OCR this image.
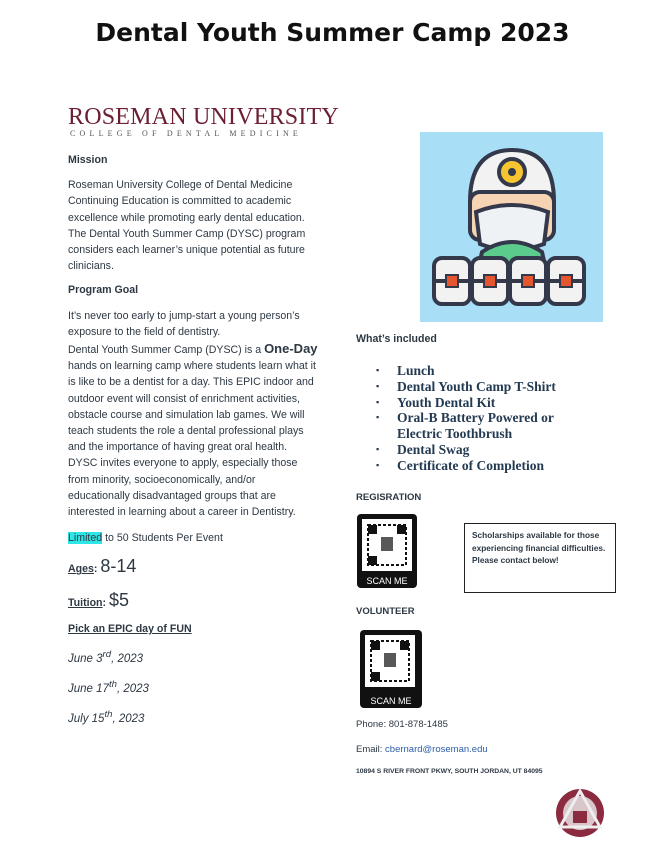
Dental Youth Summer Camp 2023
ROSEMAN UNIVERSITY
COLLEGE OF DENTAL MEDICINE
Mission
Roseman University College of Dental Medicine Continuing Education is committed to academic excellence while promoting early dental education. The Dental Youth Summer Camp (DYSC) program considers each learner’s unique potential as future clinicians.
Program Goal
It’s never too early to jump-start a young person’s exposure to the field of dentistry.
Dental Youth Summer Camp (DYSC) is a One-Day hands on learning camp where students learn what it is like to be a dentist for a day. This EPIC indoor and outdoor event will consist of enrichment activities, obstacle course and simulation lab games. We will teach students the role a dental professional plays and the importance of having great oral health. DYSC invites everyone to apply, especially those from minority, socioeconomically, and/or educationally disadvantaged groups that are interested in learning about a career in Dentistry.
Limited to 50 Students Per Event
Ages: 8-14
Tuition: $5
Pick an EPIC day of FUN
June 3rd, 2023
June 17th, 2023
July 15th, 2023
What’s included
▪ Lunch
▪ Dental Youth Camp T-Shirt
▪ Youth Dental Kit
▪ Oral-B Battery Powered or Electric Toothbrush
▪ Dental Swag
▪ Certificate of Completion
REGISRATION
SCAN ME
Scholarships available for those experiencing financial difficulties. Please contact below!
VOLUNTEER
SCAN ME
Phone: 801-878-1485
Email: cbernard@roseman.edu
10894 S RIVER FRONT PKWY, SOUTH JORDAN, UT 84095
